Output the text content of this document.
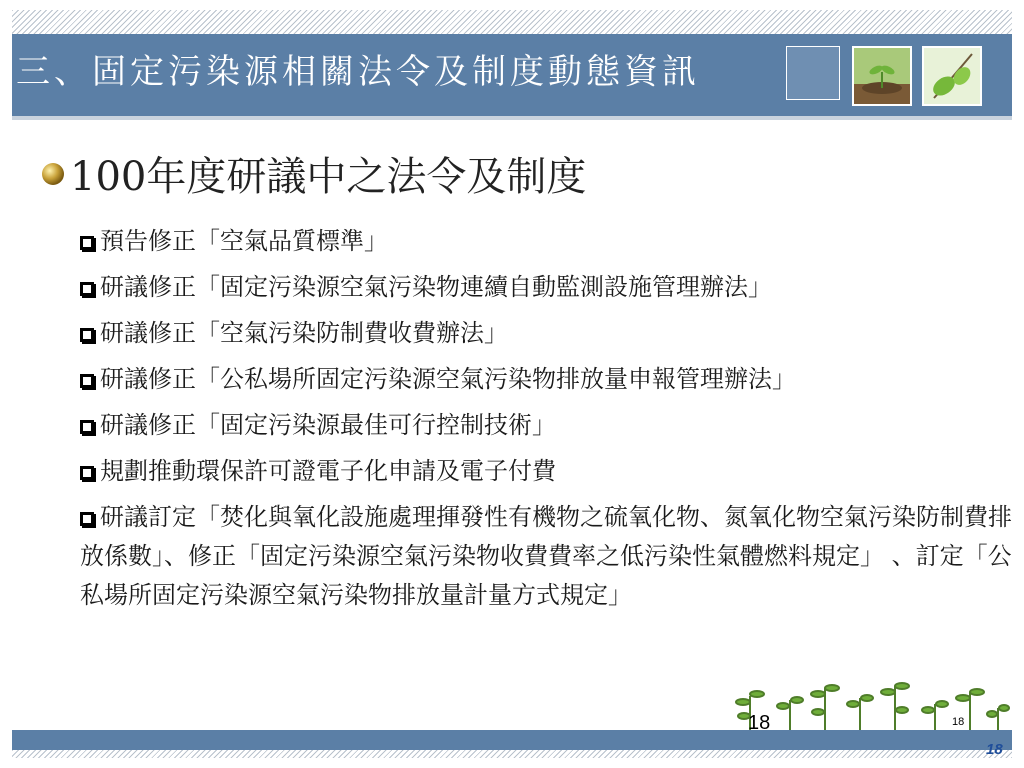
三、固定污染源相關法令及制度動態資訊
100年度研議中之法令及制度
預告修正「空氣品質標準」
研議修正「固定污染源空氣污染物連續自動監測設施管理辦法」
研議修正「空氣污染防制費收費辦法」
研議修正「公私場所固定污染源空氣污染物排放量申報管理辦法」
研議修正「固定污染源最佳可行控制技術」
規劃推動環保許可證電子化申請及電子付費
研議訂定「焚化與氧化設施處理揮發性有機物之硫氧化物、氮氧化物空氣污染防制費排放係數」、修正「固定污染源空氣污染物收費費率之低污染性氣體燃料規定」 、訂定「公私場所固定污染源空氣污染物排放量計量方式規定」
18	18
18
